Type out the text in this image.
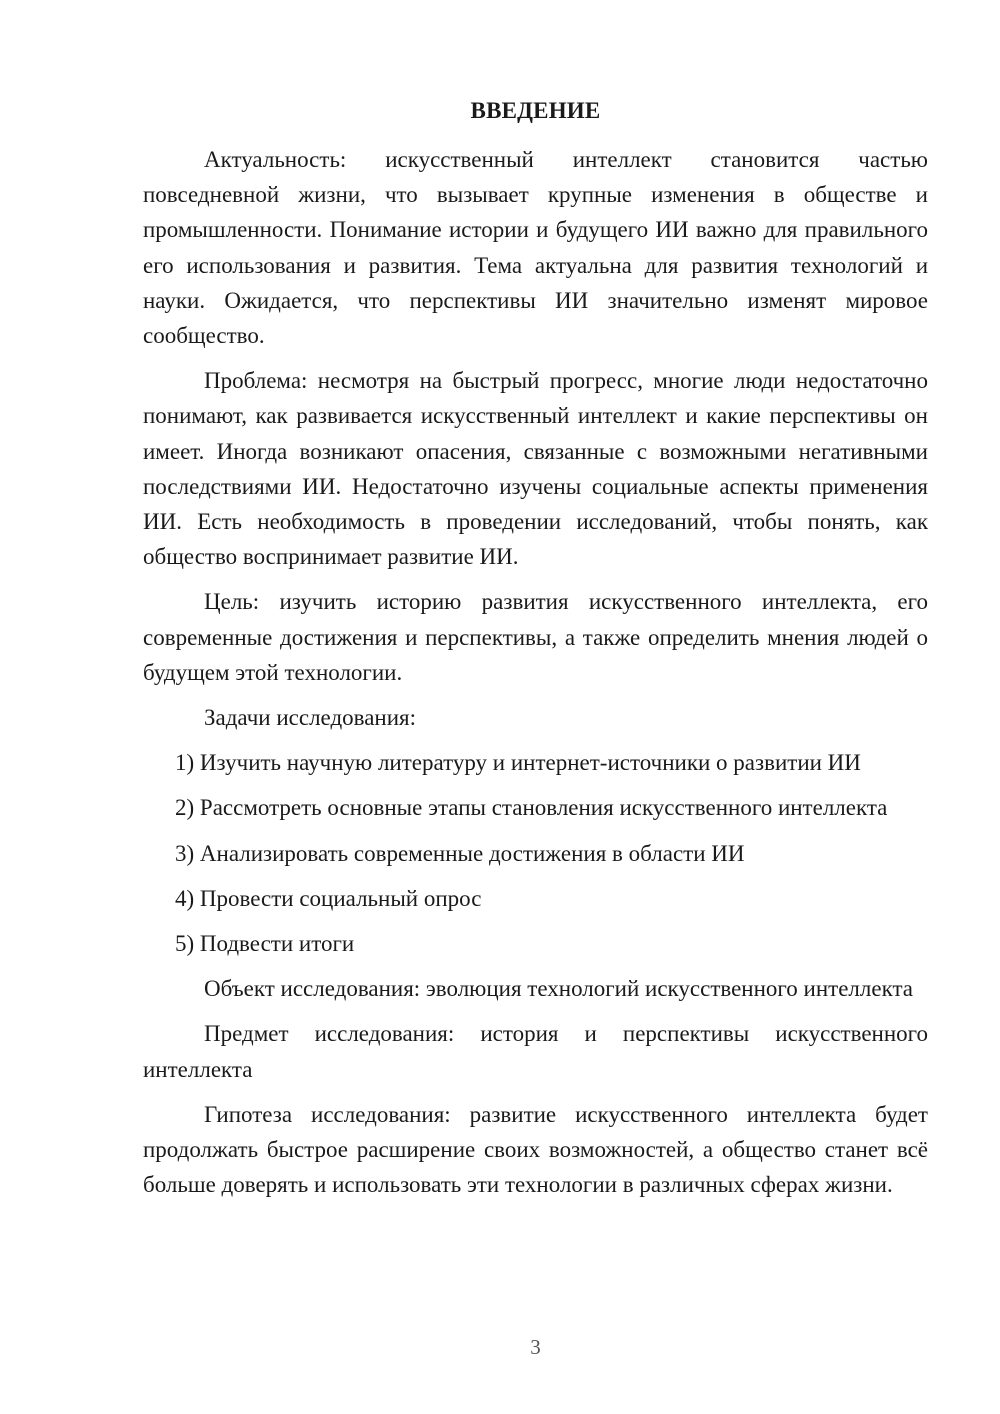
ВВЕДЕНИЕ

Актуальность: искусственный интеллект становится частью повседневной жизни, что вызывает крупные изменения в обществе и промышленности. Понимание истории и будущего ИИ важно для правильного его использования и развития. Тема актуальна для развития технологий и науки. Ожидается, что перспективы ИИ значительно изменят мировое сообщество.

Проблема: несмотря на быстрый прогресс, многие люди недостаточно понимают, как развивается искусственный интеллект и какие перспективы он имеет. Иногда возникают опасения, связанные с возможными негативными последствиями ИИ. Недостаточно изучены социальные аспекты применения ИИ. Есть необходимость в проведении исследований, чтобы понять, как общество воспринимает развитие ИИ.

Цель: изучить историю развития искусственного интеллекта, его современные достижения и перспективы, а также определить мнения людей о будущем этой технологии.

Задачи исследования:

1) Изучить научную литературу и интернет-источники о развитии ИИ

2) Рассмотреть основные этапы становления искусственного интеллекта

3) Анализировать современные достижения в области ИИ

4) Провести социальный опрос

5) Подвести итоги

Объект исследования: эволюция технологий искусственного интеллекта

Предмет исследования: история и перспективы искусственного интеллекта

Гипотеза исследования: развитие искусственного интеллекта будет продолжать быстрое расширение своих возможностей, а общество станет всё больше доверять и использовать эти технологии в различных сферах жизни.

3
